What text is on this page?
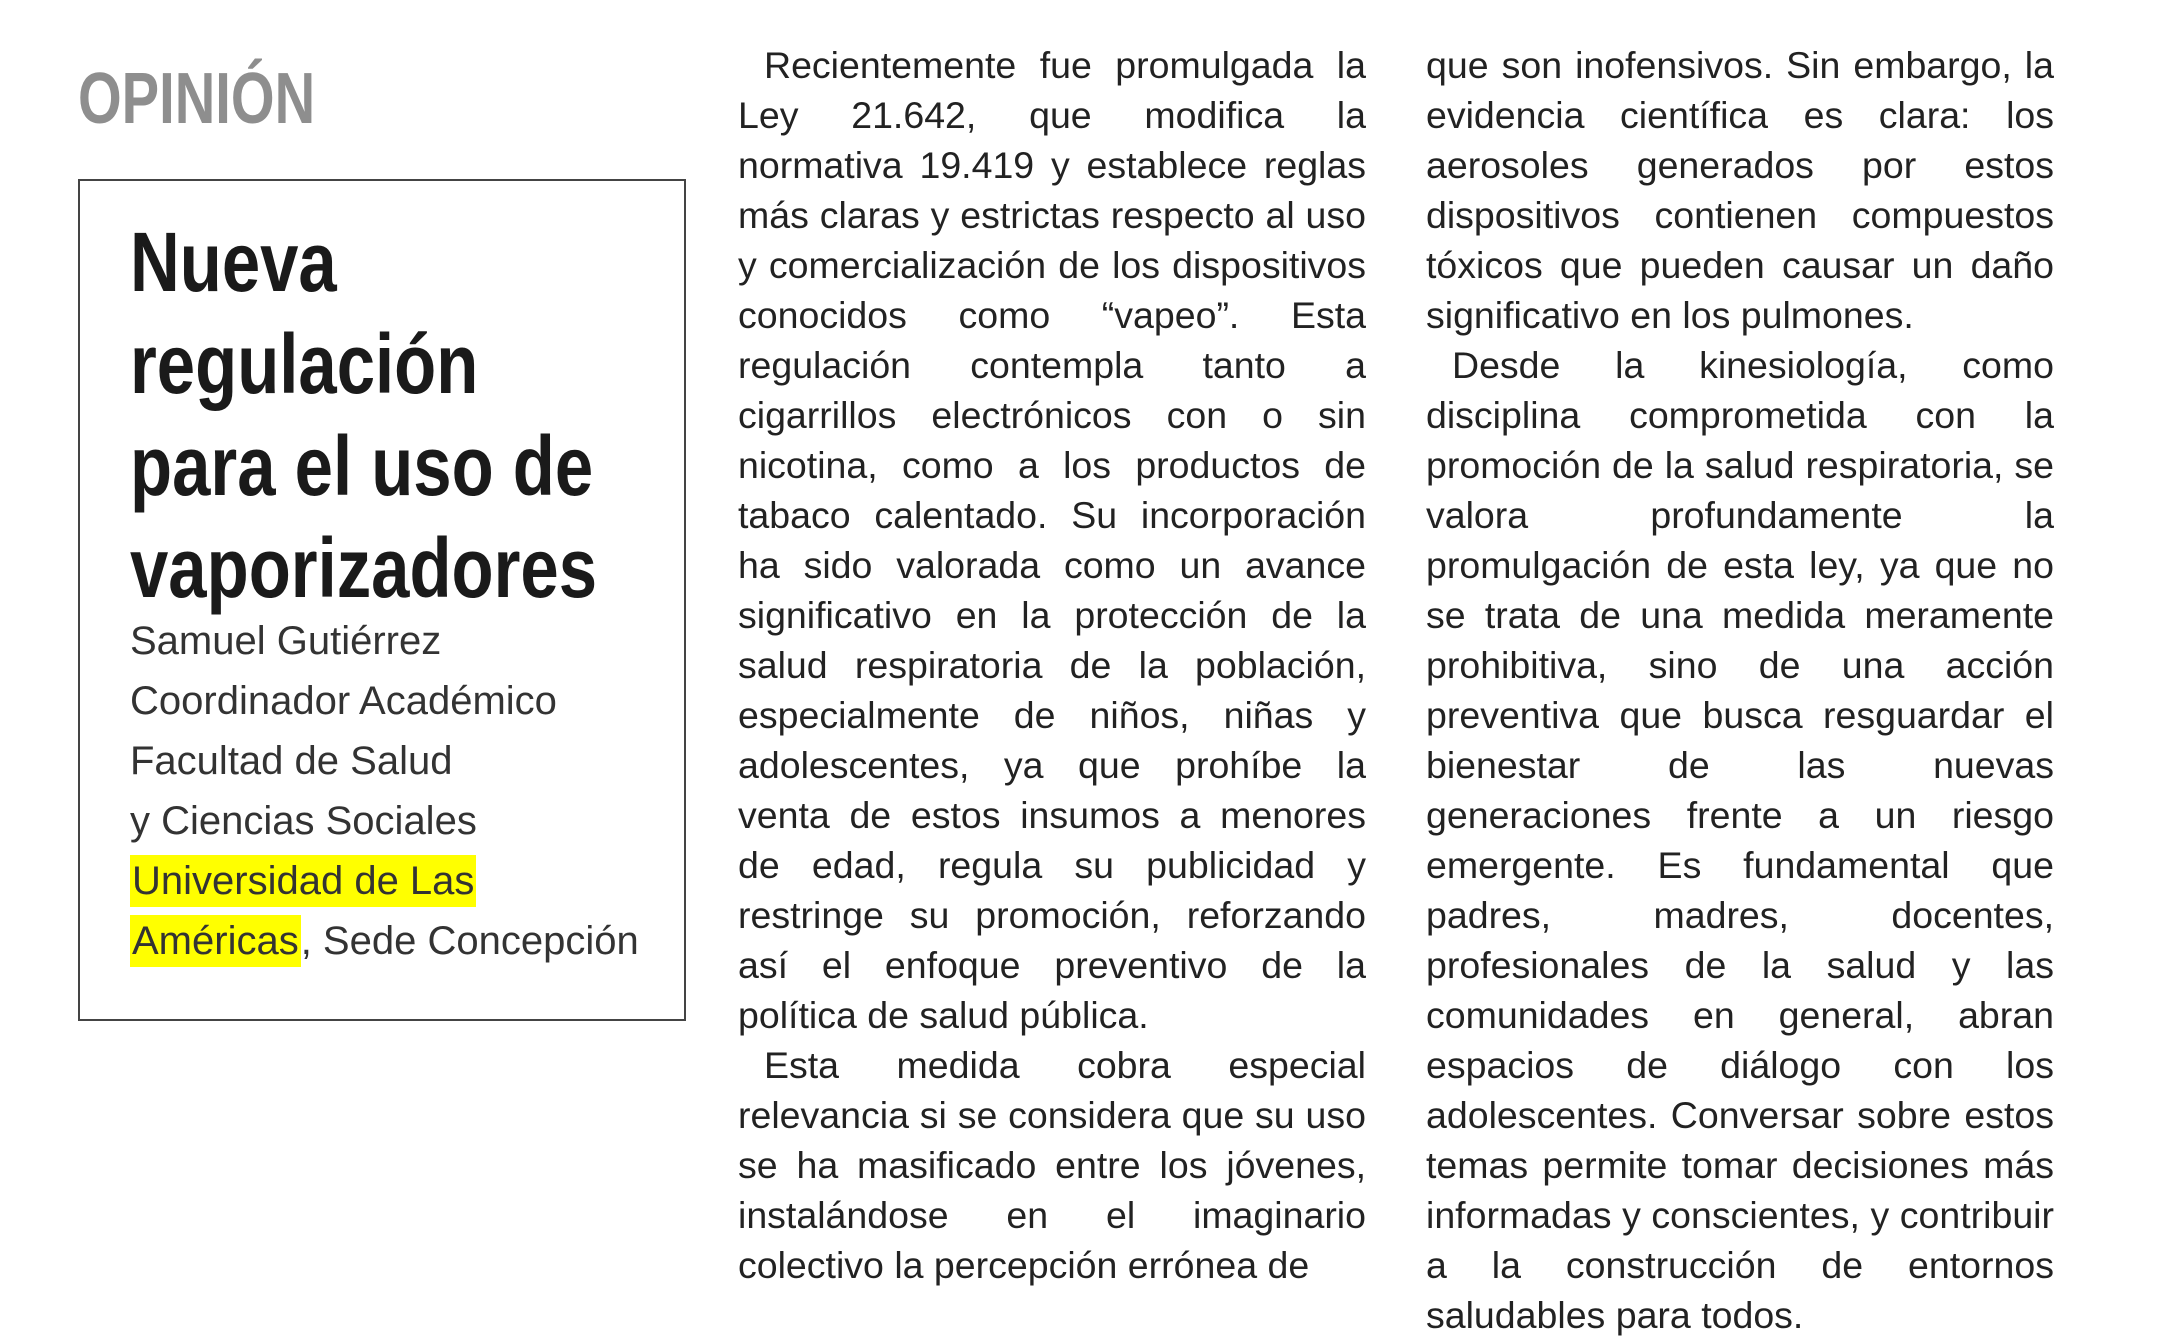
OPINIÓN
Nueva
regulación
para el uso de
vaporizadores
Samuel Gutiérrez
Coordinador Académico
Facultad de Salud
y Ciencias Sociales
Universidad de Las
Américas, Sede Concepción

Recientemente fue promulgada la Ley 21.642, que modifica la normativa 19.419 y establece reglas más claras y estrictas respecto al uso y comercialización de los dispositivos conocidos como “vapeo”. Esta regulación contempla tanto a cigarrillos electrónicos con o sin nicotina, como a los productos de tabaco calentado. Su incorporación ha sido valorada como un avance significativo en la protección de la salud respiratoria de la población, especialmente de niños, niñas y adolescentes, ya que prohíbe la venta de estos insumos a menores de edad, regula su publicidad y restringe su promoción, reforzando así el enfoque preventivo de la política de salud pública.

Esta medida cobra especial relevancia si se considera que su uso se ha masificado entre los jóvenes, instalándose en el imaginario colectivo la percepción errónea de

que son inofensivos. Sin embargo, la evidencia científica es clara: los aerosoles generados por estos dispositivos contienen compuestos tóxicos que pueden causar un daño significativo en los pulmones.

Desde la kinesiología, como disciplina comprometida con la promoción de la salud respiratoria, se valora profundamente la promulgación de esta ley, ya que no se trata de una medida meramente prohibitiva, sino de una acción preventiva que busca resguardar el bienestar de las nuevas generaciones frente a un riesgo emergente. Es fundamental que padres, madres, docentes, profesionales de la salud y las comunidades en general, abran espacios de diálogo con los adolescentes. Conversar sobre estos temas permite tomar decisiones más informadas y conscientes, y contribuir a la construcción de entornos saludables para todos.
